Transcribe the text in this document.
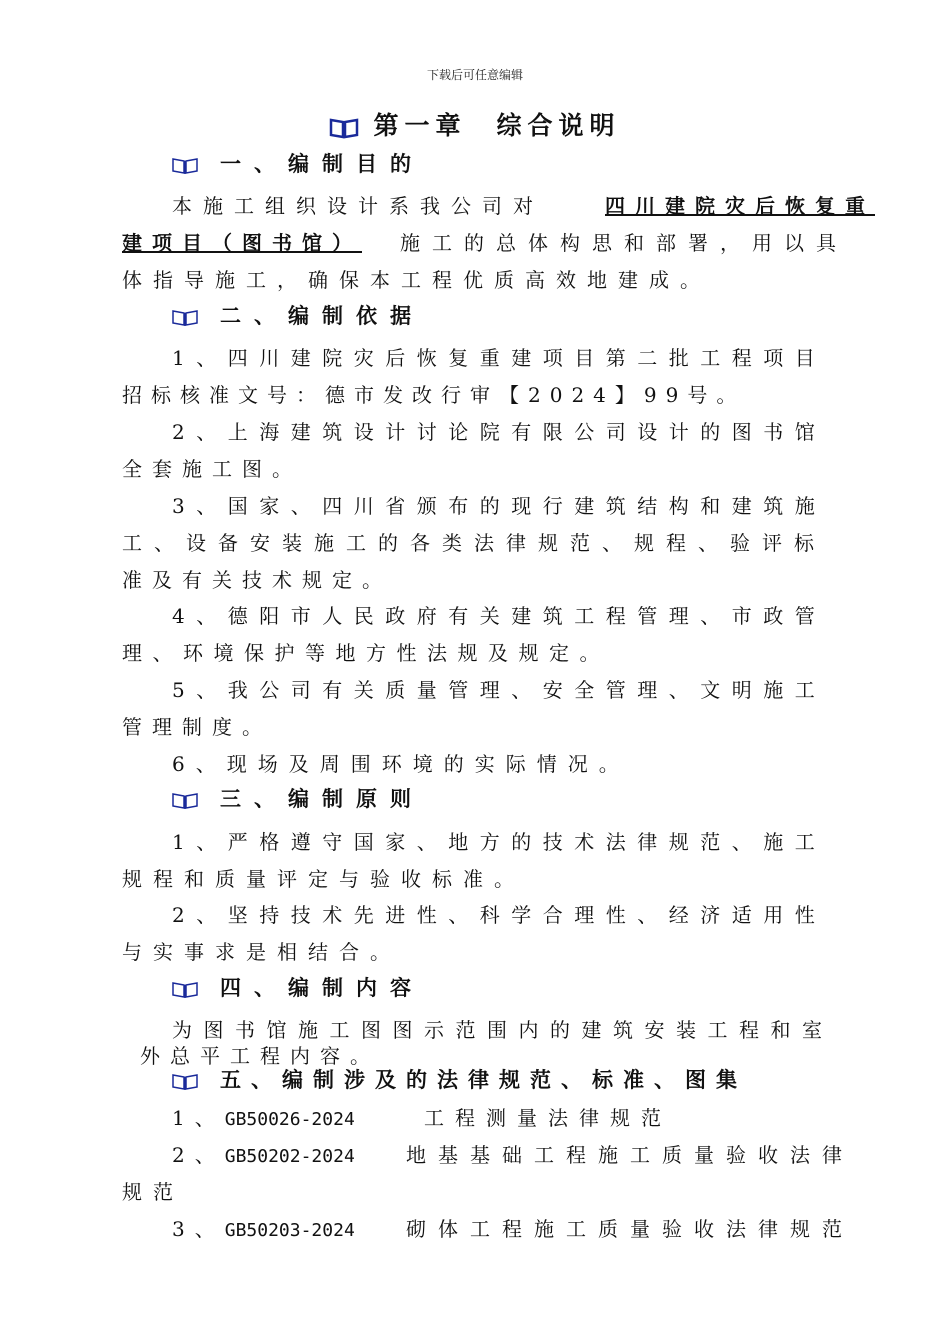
下载后可任意编辑
第一章 综合说明
一、编制目的
本施工组织设计系我公司对	四川建院灾后恢复重
建项目（图书馆） 施工的总体构思和部署，用以具
体指导施工，确保本工程优质高效地建成。
二、编制依据
1、四川建院灾后恢复重建项目第二批工程项目
招标核准文号：德市发改行审【2024】99号。
2、上海建筑设计讨论院有限公司设计的图书馆
全套施工图。
3、国家、四川省颁布的现行建筑结构和建筑施
工、设备安装施工的各类法律规范、规程、验评标
准及有关技术规定。
4、德阳市人民政府有关建筑工程管理、市政管
理、环境保护等地方性法规及规定。
5、我公司有关质量管理、安全管理、文明施工
管理制度。
6、现场及周围环境的实际情况。
三、编制原则
1、严格遵守国家、地方的技术法律规范、施工
规程和质量评定与验收标准。
2、坚持技术先进性、科学合理性、经济适用性
与实事求是相结合。
四、编制内容
为图书馆施工图图示范围内的建筑安装工程和室
外总平工程内容。
五、编制涉及的法律规范、标准、图集
1、GB50026-2024	工程测量法律规范
2、GB50202-2024	地基基础工程施工质量验收法律
规范
3、GB50203-2024	砌体工程施工质量验收法律规范
